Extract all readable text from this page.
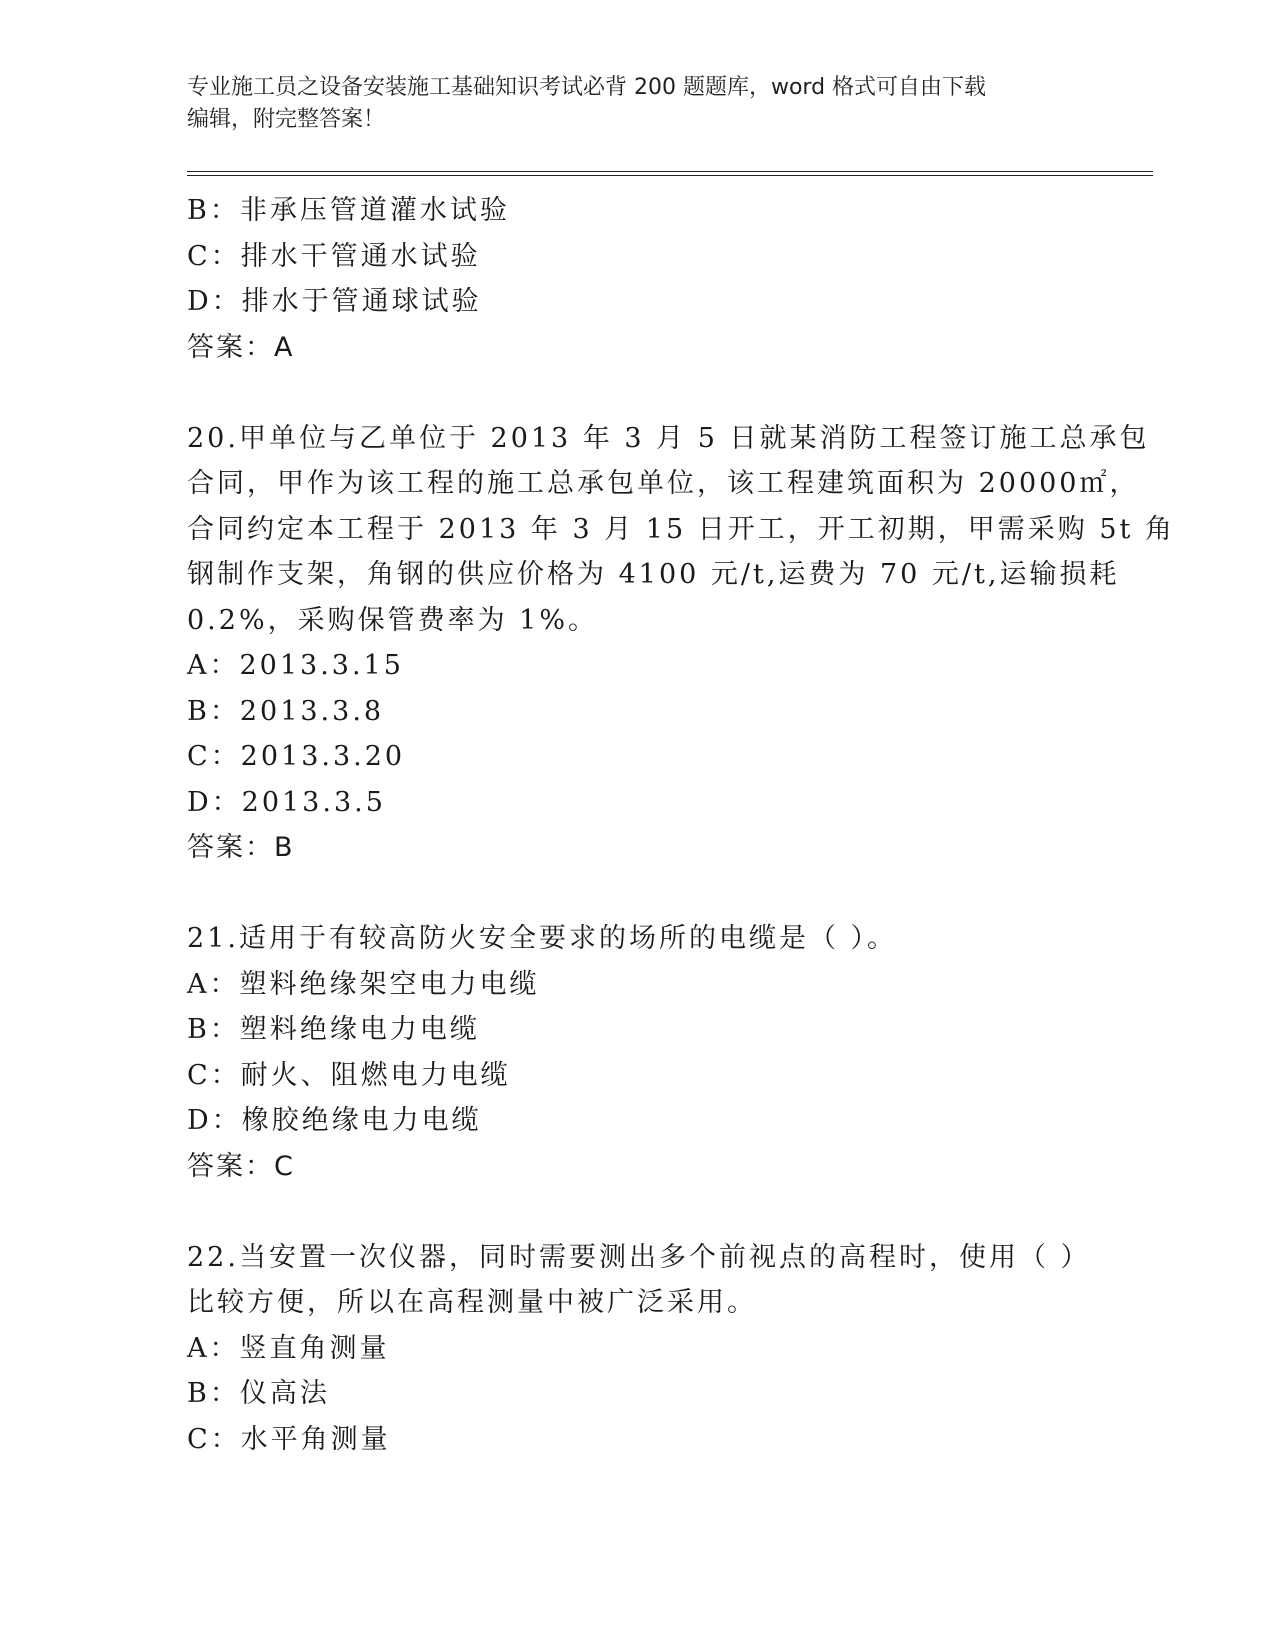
专业施工员之设备安装施工基础知识考试必背 200 题题库，word 格式可自由下载
编辑，附完整答案！
B：非承压管道灌水试验
C：排水干管通水试验
D：排水于管通球试验
答案：A
20.甲单位与乙单位于 2013 年 3 月 5 日就某消防工程签订施工总承包
合同，甲作为该工程的施工总承包单位，该工程建筑面积为 20000㎡，
合同约定本工程于 2013 年 3 月 15 日开工，开工初期，甲需采购 5t 角
钢制作支架，角钢的供应价格为 4100 元/t,运费为 70 元/t,运输损耗
0.2%，采购保管费率为 1%。
A：2013.3.15
B：2013.3.8
C：2013.3.20
D：2013.3.5
答案：B
21.适用于有较高防火安全要求的场所的电缆是（ ）。
A：塑料绝缘架空电力电缆
B：塑料绝缘电力电缆
C：耐火、阻燃电力电缆
D：橡胶绝缘电力电缆
答案：C
22.当安置一次仪器，同时需要测出多个前视点的高程时，使用（ ）
比较方便，所以在高程测量中被广泛采用。
A：竖直角测量
B：仪高法
C：水平角测量
